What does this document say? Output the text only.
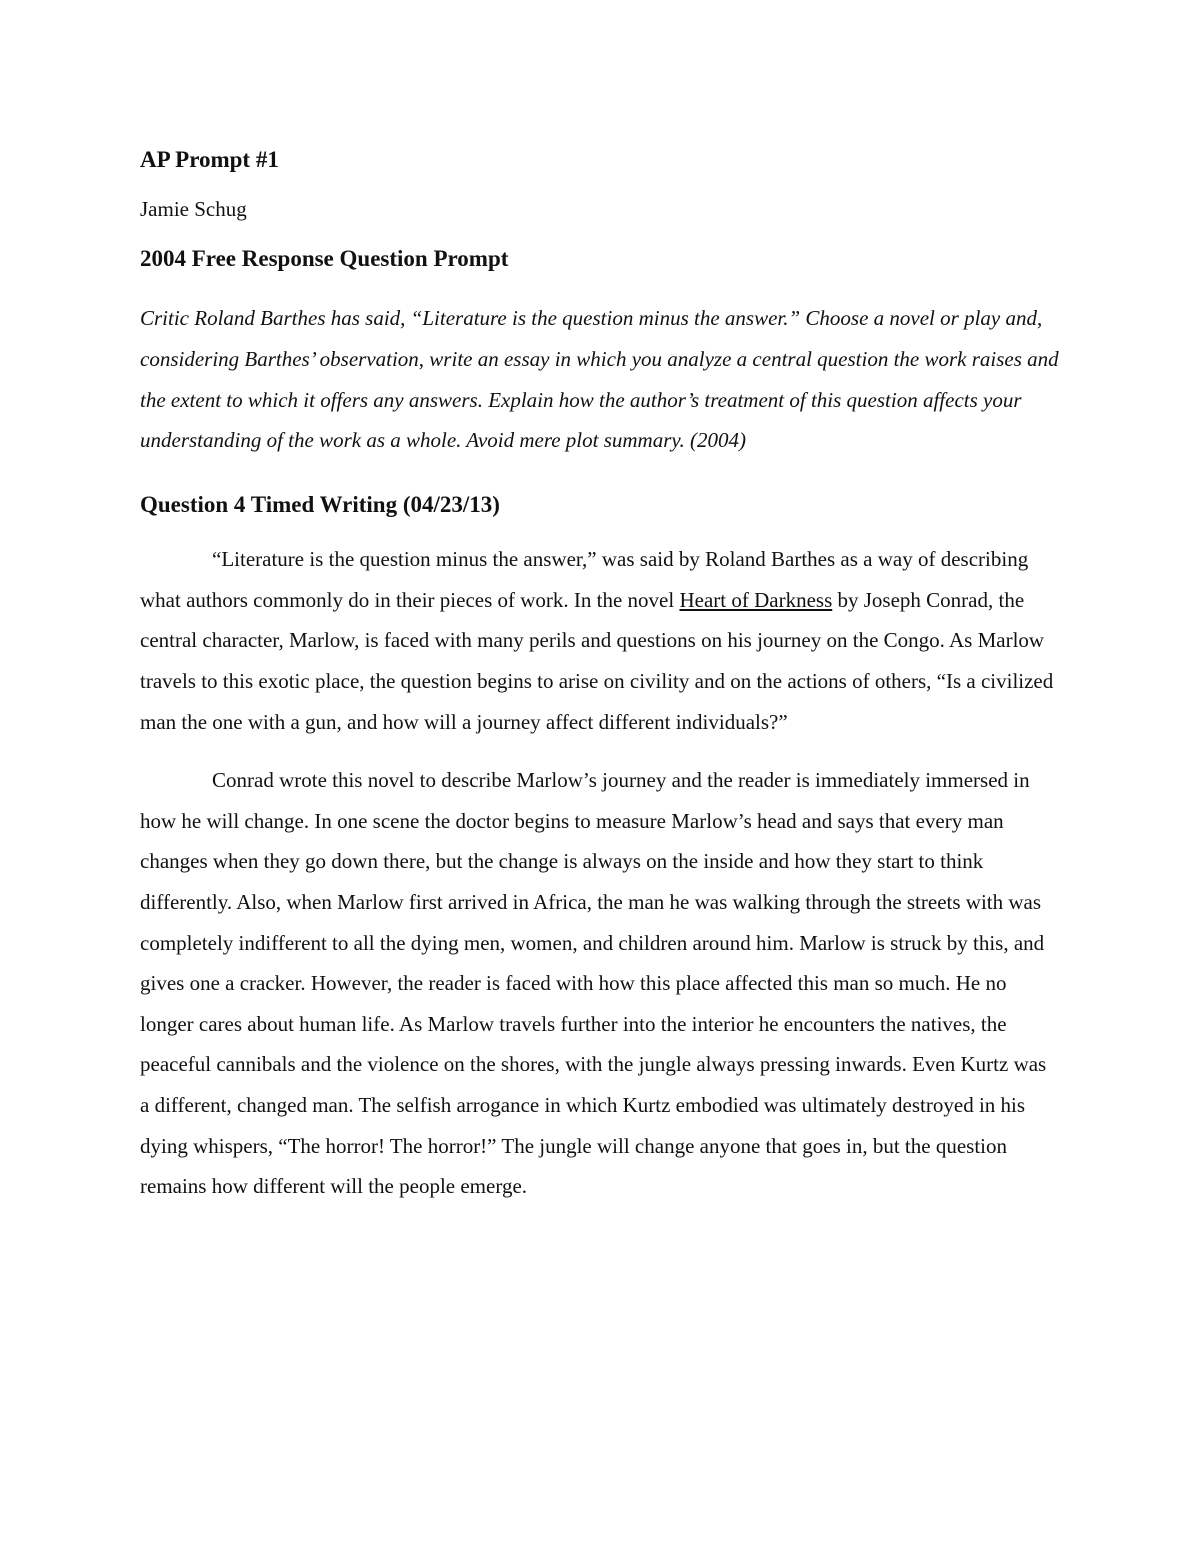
AP Prompt #1

Jamie Schug

2004 Free Response Question Prompt

Critic Roland Barthes has said, “Literature is the question minus the answer.” Choose a novel or play and, considering Barthes’ observation, write an essay in which you analyze a central question the work raises and the extent to which it offers any answers. Explain how the author’s treatment of this question affects your understanding of the work as a whole. Avoid mere plot summary. (2004)

Question 4 Timed Writing (04/23/13)

“Literature is the question minus the answer,” was said by Roland Barthes as a way of describing what authors commonly do in their pieces of work. In the novel Heart of Darkness by Joseph Conrad, the central character, Marlow, is faced with many perils and questions on his journey on the Congo. As Marlow travels to this exotic place, the question begins to arise on civility and on the actions of others, “Is a civilized man the one with a gun, and how will a journey affect different individuals?”

Conrad wrote this novel to describe Marlow’s journey and the reader is immediately immersed in how he will change. In one scene the doctor begins to measure Marlow’s head and says that every man changes when they go down there, but the change is always on the inside and how they start to think differently. Also, when Marlow first arrived in Africa, the man he was walking through the streets with was completely indifferent to all the dying men, women, and children around him. Marlow is struck by this, and gives one a cracker. However, the reader is faced with how this place affected this man so much. He no longer cares about human life. As Marlow travels further into the interior he encounters the natives, the peaceful cannibals and the violence on the shores, with the jungle always pressing inwards. Even Kurtz was a different, changed man. The selfish arrogance in which Kurtz embodied was ultimately destroyed in his dying whispers, “The horror! The horror!” The jungle will change anyone that goes in, but the question remains how different will the people emerge.
